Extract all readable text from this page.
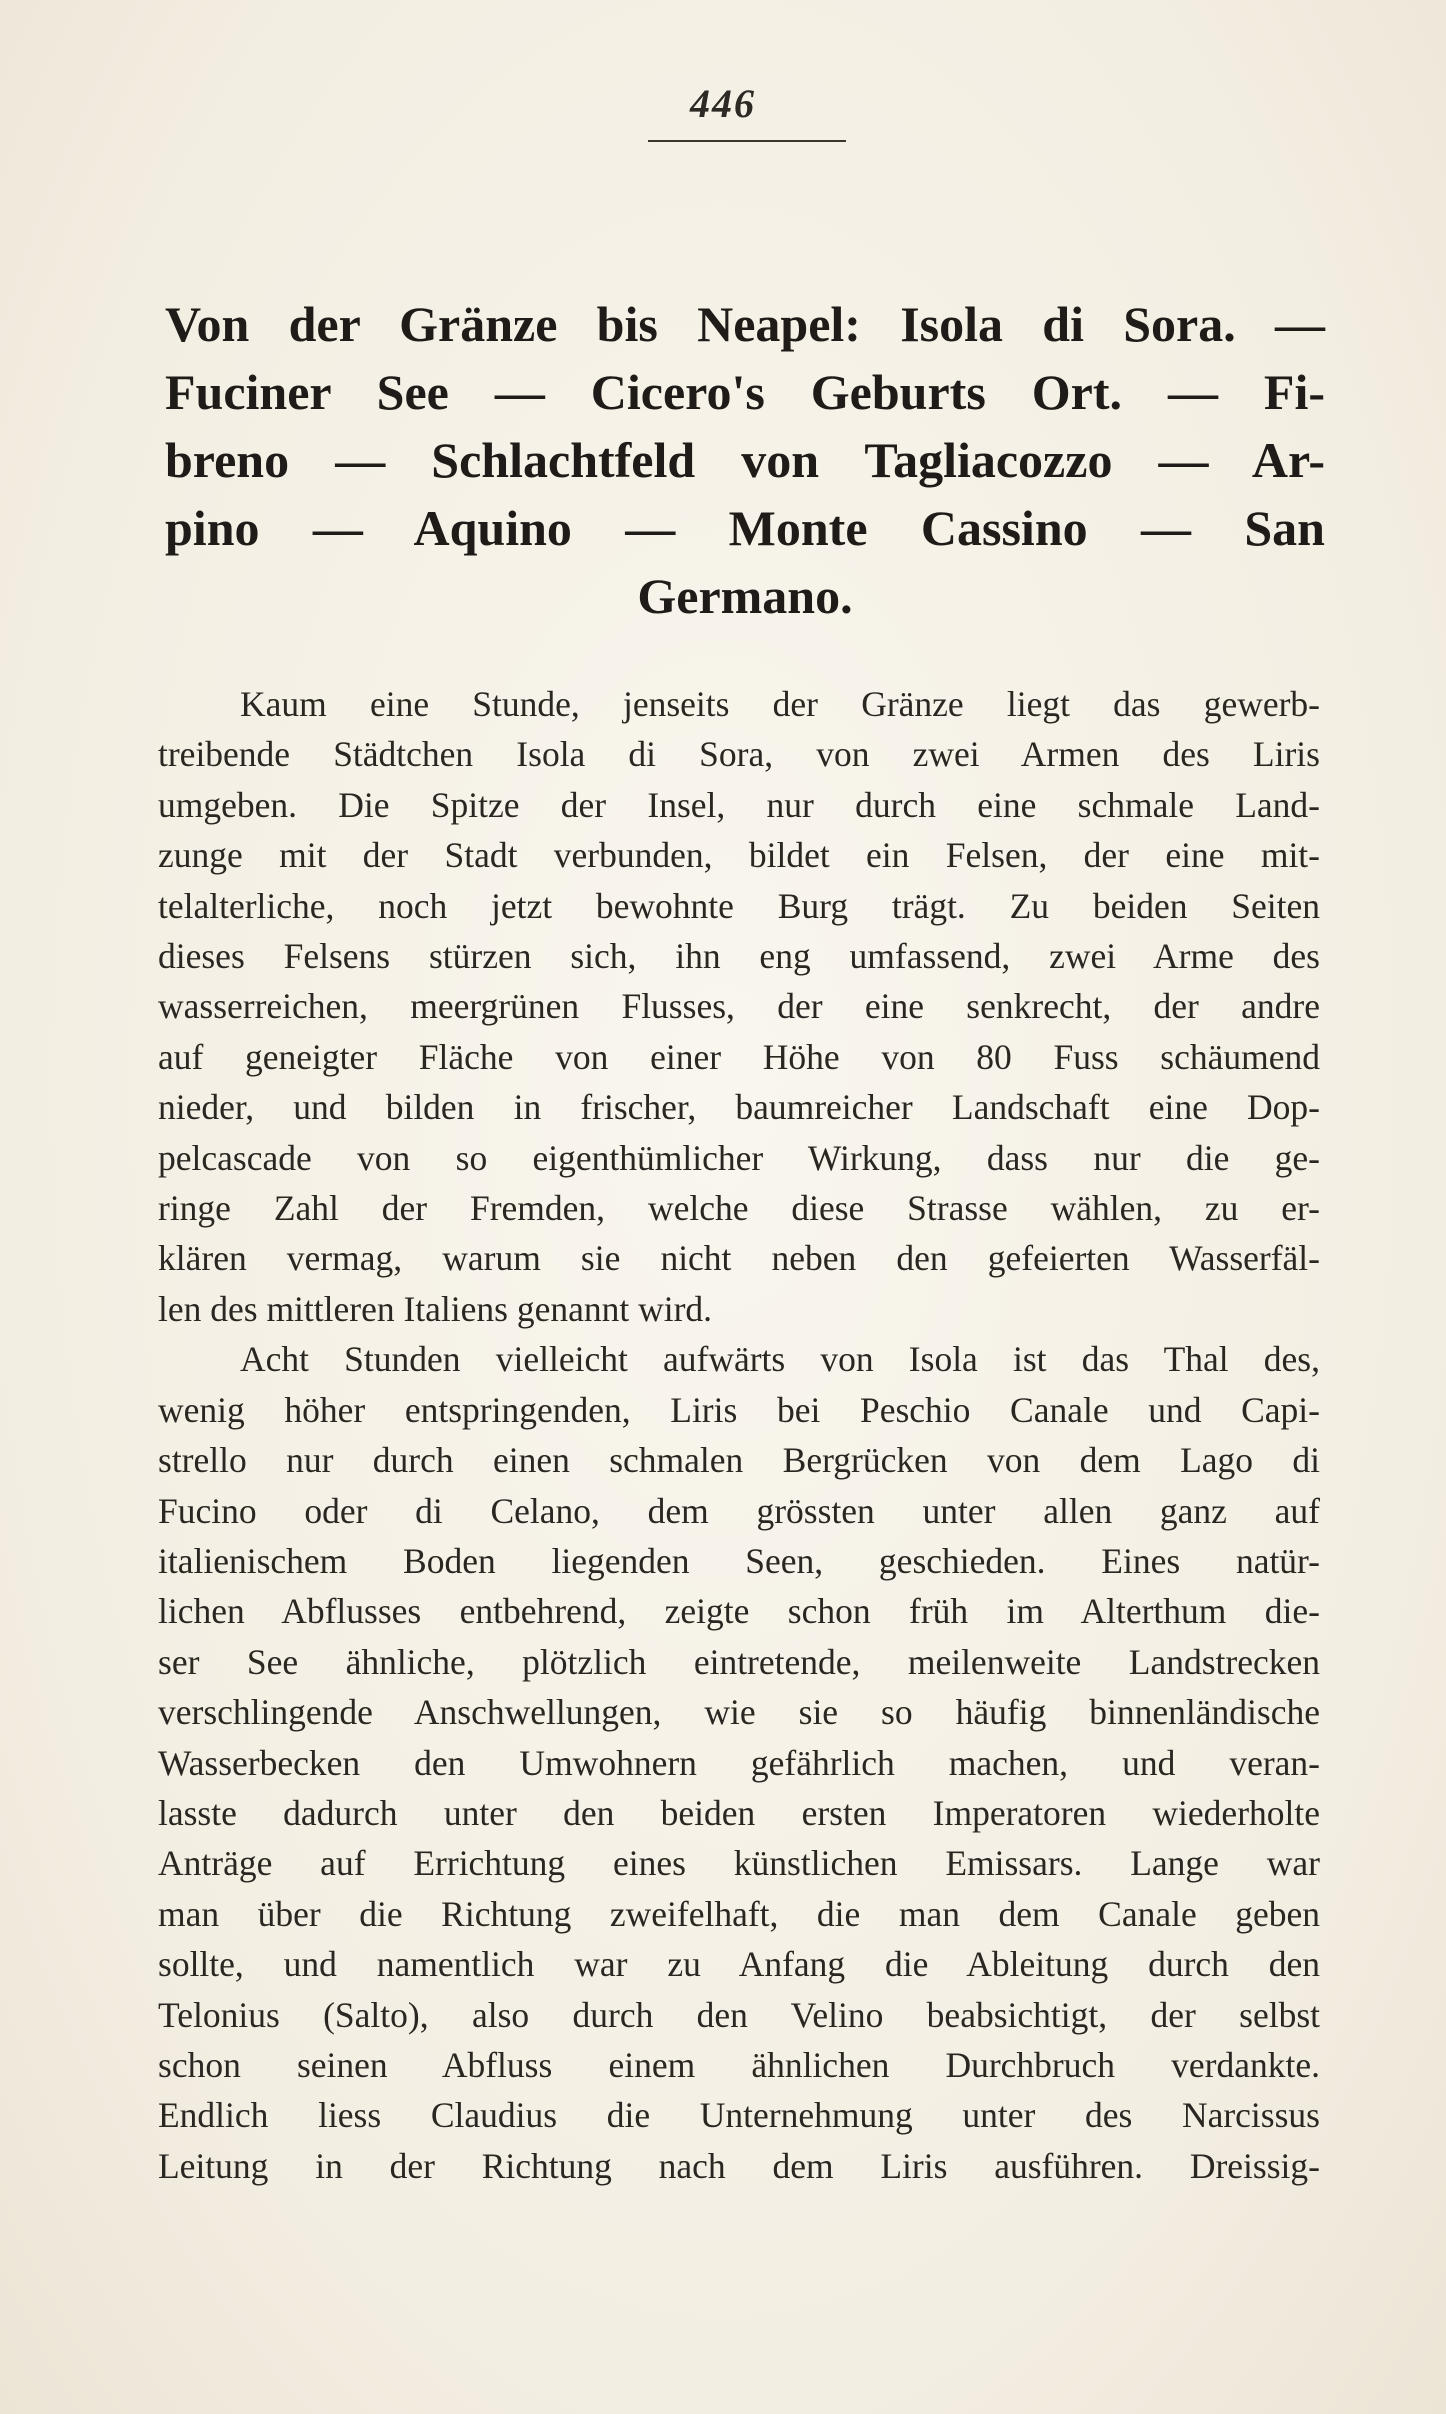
446
Von der Gränze bis Neapel: Isola di Sora. —
Fuciner See — Cicero's Geburts Ort. — Fi-
breno — Schlachtfeld von Tagliacozzo — Ar-
pino — Aquino — Monte Cassino — San
Germano.
Kaum eine Stunde, jenseits der Gränze liegt das gewerb-
treibende Städtchen Isola di Sora, von zwei Armen des Liris
umgeben. Die Spitze der Insel, nur durch eine schmale Land-
zunge mit der Stadt verbunden, bildet ein Felsen, der eine mit-
telalterliche, noch jetzt bewohnte Burg trägt. Zu beiden Seiten
dieses Felsens stürzen sich, ihn eng umfassend, zwei Arme des
wasserreichen, meergrünen Flusses, der eine senkrecht, der andre
auf geneigter Fläche von einer Höhe von 80 Fuss schäumend
nieder, und bilden in frischer, baumreicher Landschaft eine Dop-
pelcascade von so eigenthümlicher Wirkung, dass nur die ge-
ringe Zahl der Fremden, welche diese Strasse wählen, zu er-
klären vermag, warum sie nicht neben den gefeierten Wasserfäl-
len des mittleren Italiens genannt wird.
Acht Stunden vielleicht aufwärts von Isola ist das Thal des,
wenig höher entspringenden, Liris bei Peschio Canale und Capi-
strello nur durch einen schmalen Bergrücken von dem Lago di
Fucino oder di Celano, dem grössten unter allen ganz auf
italienischem Boden liegenden Seen, geschieden. Eines natür-
lichen Abflusses entbehrend, zeigte schon früh im Alterthum die-
ser See ähnliche, plötzlich eintretende, meilenweite Landstrecken
verschlingende Anschwellungen, wie sie so häufig binnenländische
Wasserbecken den Umwohnern gefährlich machen, und veran-
lasste dadurch unter den beiden ersten Imperatoren wiederholte
Anträge auf Errichtung eines künstlichen Emissars. Lange war
man über die Richtung zweifelhaft, die man dem Canale geben
sollte, und namentlich war zu Anfang die Ableitung durch den
Telonius (Salto), also durch den Velino beabsichtigt, der selbst
schon seinen Abfluss einem ähnlichen Durchbruch verdankte.
Endlich liess Claudius die Unternehmung unter des Narcissus
Leitung in der Richtung nach dem Liris ausführen. Dreissig-
